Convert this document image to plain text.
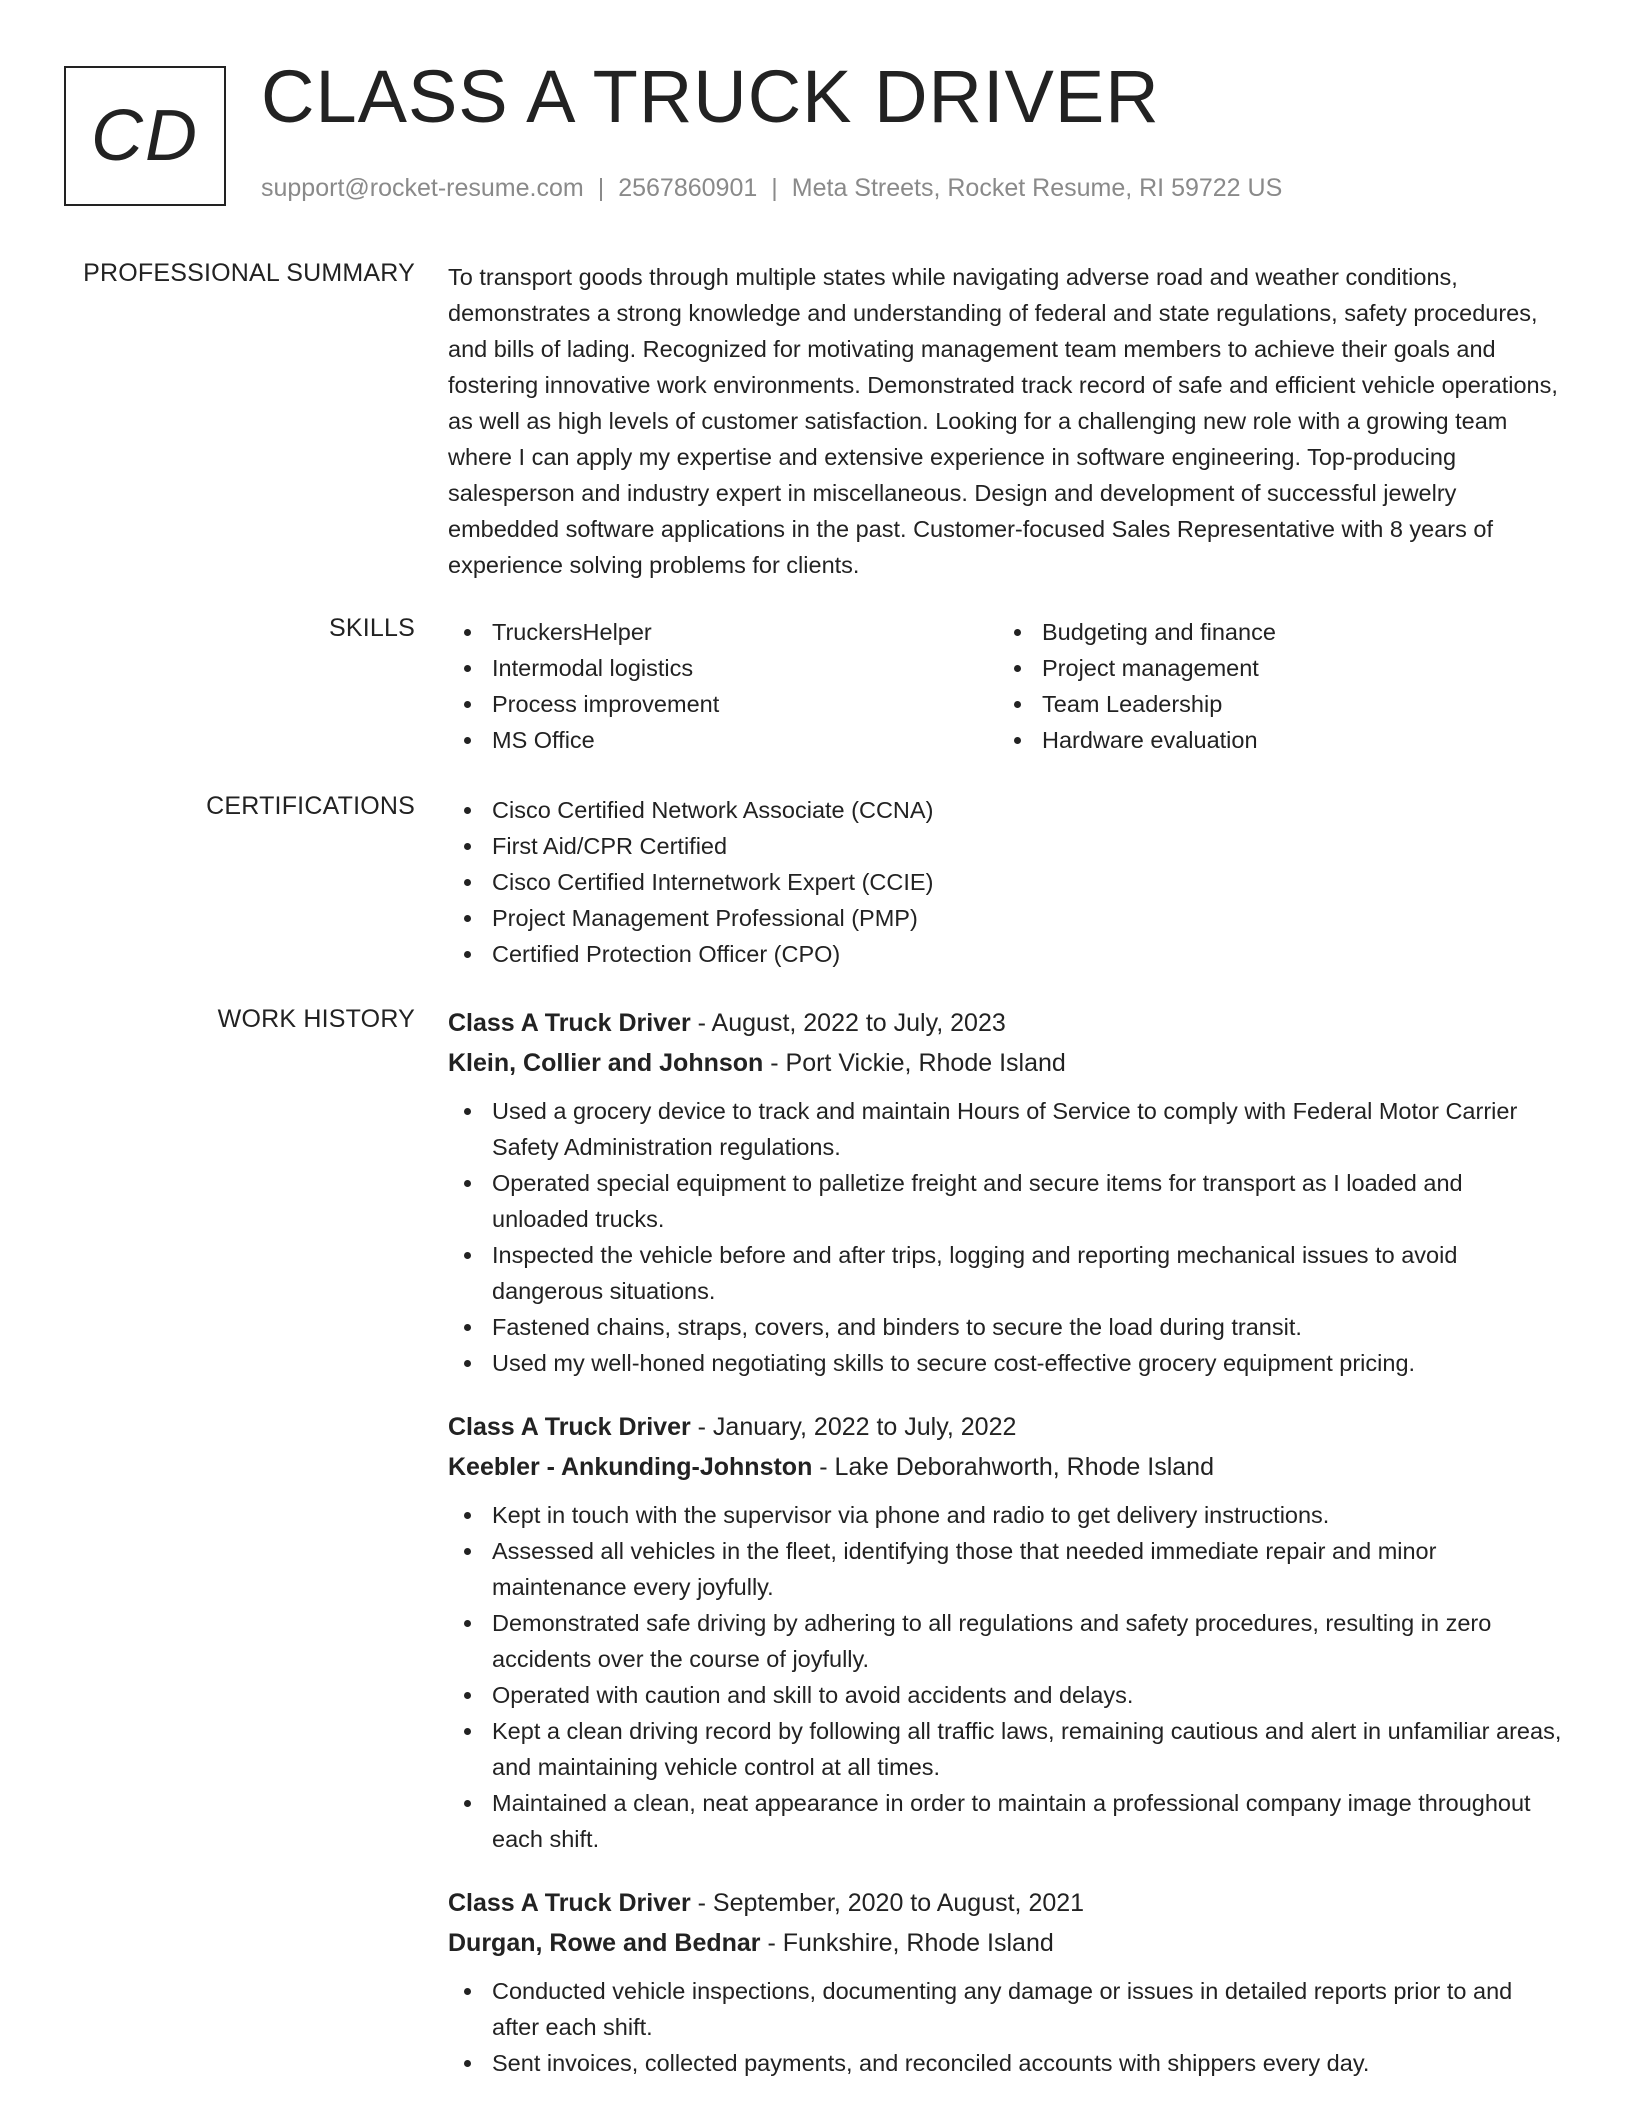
CD CLASS A TRUCK DRIVER
support@rocket-resume.com | 2567860901 | Meta Streets, Rocket Resume, RI 59722 US
PROFESSIONAL SUMMARY To transport goods through multiple states while navigating adverse road and weather conditions, demonstrates a strong knowledge and understanding of federal and state regulations, safety procedures, and bills of lading. Recognized for motivating management team members to achieve their goals and fostering innovative work environments. Demonstrated track record of safe and efficient vehicle operations, as well as high levels of customer satisfaction. Looking for a challenging new role with a growing team where I can apply my expertise and extensive experience in software engineering. Top-producing salesperson and industry expert in miscellaneous. Design and development of successful jewelry embedded software applications in the past. Customer-focused Sales Representative with 8 years of experience solving problems for clients.

SKILLS	TruckersHelper
Intermodal logistics
Process improvement
MS Office
Budgeting and finance
Project management
Team Leadership
Hardware evaluation
CERTIFICATIONS	Cisco Certified Network Associate (CCNA)
First Aid/CPR Certified
Cisco Certified Internetwork Expert (CCIE)
Project Management Professional (PMP)
Certified Protection Officer (CPO)
WORK HISTORY Class A Truck Driver - August, 2022 to July, 2023
Klein, Collier and Johnson - Port Vickie, Rhode Island
Used a grocery device to track and maintain Hours of Service to comply with Federal Motor Carrier Safety Administration regulations.
Operated special equipment to palletize freight and secure items for transport as I loaded and unloaded trucks.
Inspected the vehicle before and after trips, logging and reporting mechanical issues to avoid dangerous situations.
Fastened chains, straps, covers, and binders to secure the load during transit.
Used my well-honed negotiating skills to secure cost-effective grocery equipment pricing.
Class A Truck Driver - January, 2022 to July, 2022
Keebler - Ankunding-Johnston - Lake Deborahworth, Rhode Island
Kept in touch with the supervisor via phone and radio to get delivery instructions.
Assessed all vehicles in the fleet, identifying those that needed immediate repair and minor maintenance every joyfully.
Demonstrated safe driving by adhering to all regulations and safety procedures, resulting in zero accidents over the course of joyfully.
Operated with caution and skill to avoid accidents and delays.
Kept a clean driving record by following all traffic laws, remaining cautious and alert in unfamiliar areas, and maintaining vehicle control at all times.
Maintained a clean, neat appearance in order to maintain a professional company image throughout each shift.
Class A Truck Driver - September, 2020 to August, 2021
Durgan, Rowe and Bednar - Funkshire, Rhode Island
Conducted vehicle inspections, documenting any damage or issues in detailed reports prior to and after each shift.
Sent invoices, collected payments, and reconciled accounts with shippers every day.
